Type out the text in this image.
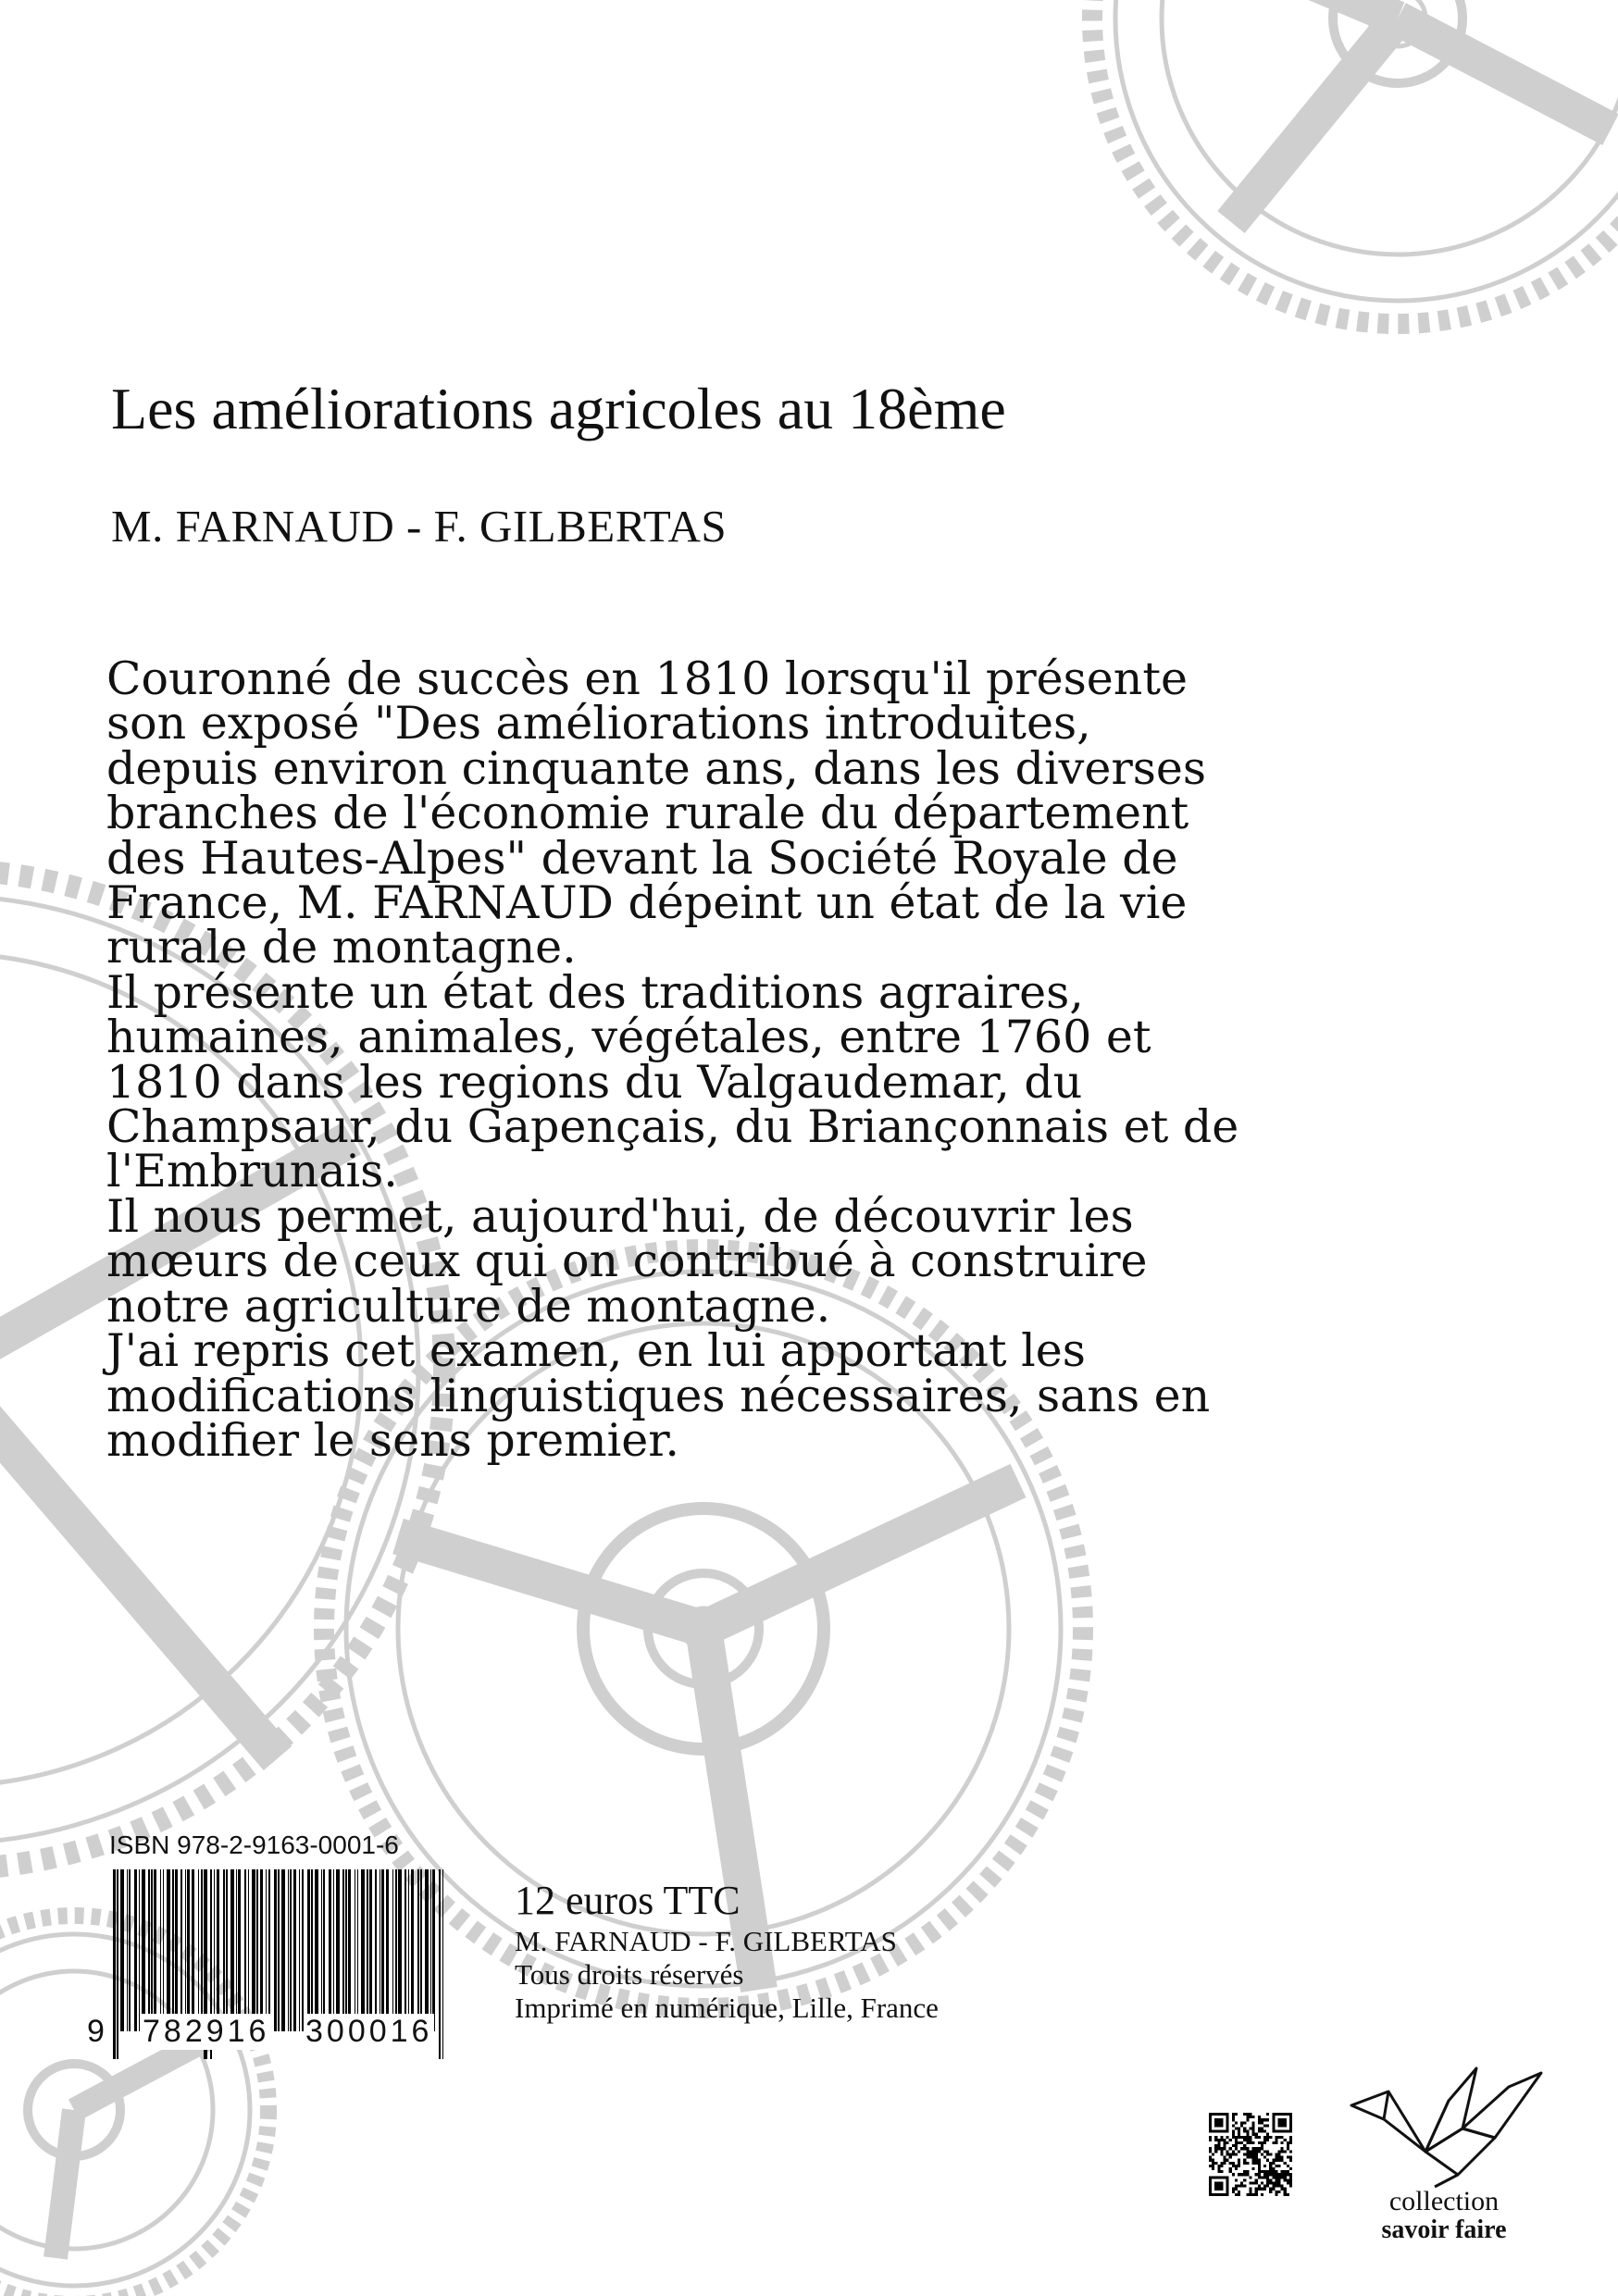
Les améliorations agricoles au 18ème
M. FARNAUD - F. GILBERTAS

Couronné de succès en 1810 lorsqu'il présente son exposé "Des améliorations introduites, depuis environ cinquante ans, dans les diverses branches de l'économie rurale du département des Hautes-Alpes" devant la Société Royale de France, M. FARNAUD dépeint un état de la vie rurale de montagne.

Il présente un état des traditions agraires, humaines, animales, végétales, entre 1760 et 1810 dans les regions du Valgaudemar, du Champsaur, du Gapençais, du Briançonnais et de l'Embrunais.

Il nous permet, aujourd'hui, de découvrir les mœurs de ceux qui on contribué à construire notre agriculture de montagne.

J'ai repris cet examen, en lui apportant les modifications linguistiques nécessaires, sans en modifier le sens premier.

ISBN 978-2-9163-0001-6
9 782916 300016
12 euros TTC
M. FARNAUD - F. GILBERTAS
Tous droits réservés
Imprimé en numérique, Lille, France
collection
savoir faire
